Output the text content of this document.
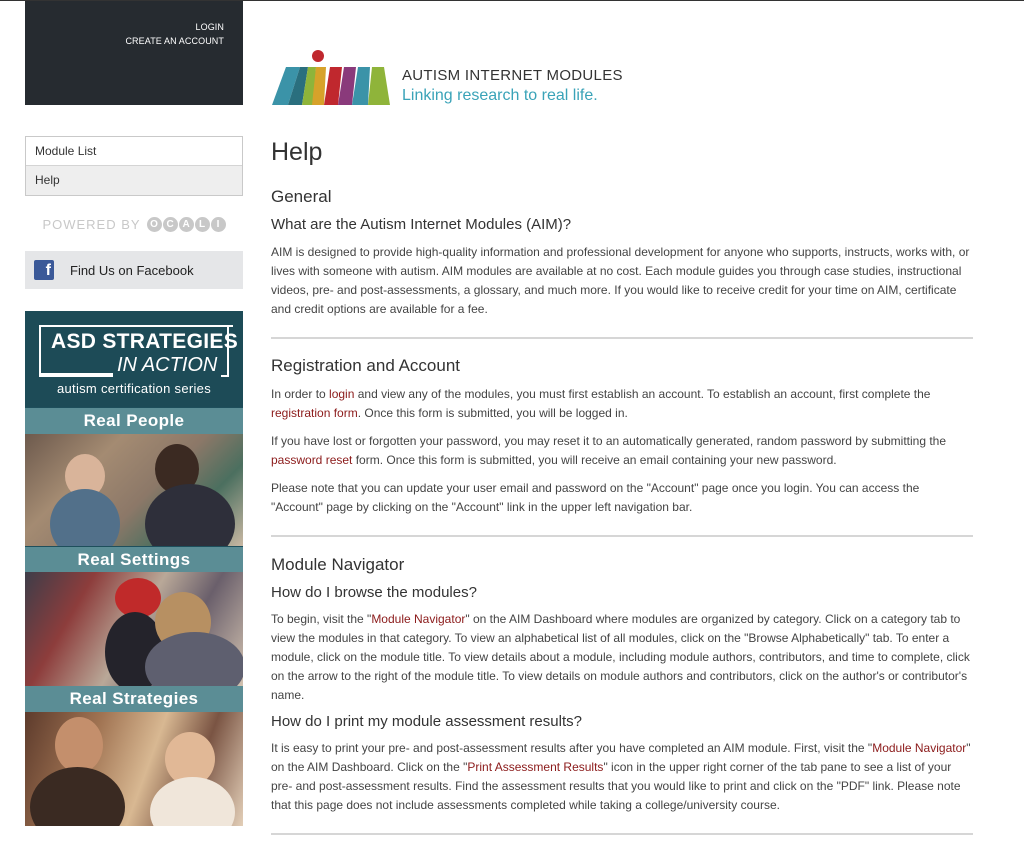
LOGIN
CREATE AN ACCOUNT
Module List
Help
POWERED BY O C A L	I
f Find Us on Facebook
ASD STRATEGIES
IN ACTION
autism certification series
Real People
Real Settings
Real Strategies
AUTISM INTERNET MODULES
Linking research to real life.
Help
General
What are the Autism Internet Modules (AIM)?

AIM is designed to provide high-quality information and professional development for anyone who supports, instructs, works with, or lives with someone with autism. AIM modules are available at no cost. Each module guides you through case studies, instructional videos, pre- and post-assessments, a glossary, and much more. If you would like to receive credit for your time on AIM, certificate and credit options are available for a fee.

Registration and Account

In order to login and view any of the modules, you must first establish an account. To establish an account, first complete the registration form. Once this form is submitted, you will be logged in.

If you have lost or forgotten your password, you may reset it to an automatically generated, random password by submitting the password reset form. Once this form is submitted, you will receive an email containing your new password.

Please note that you can update your user email and password on the "Account" page once you login. You can access the "Account" page by clicking on the "Account" link in the upper left navigation bar.

Module Navigator
How do I browse the modules?

To begin, visit the "Module Navigator" on the AIM Dashboard where modules are organized by category. Click on a category tab to view the modules in that category. To view an alphabetical list of all modules, click on the "Browse Alphabetically" tab. To enter a module, click on the module title. To view details about a module, including module authors, contributors, and time to complete, click on the arrow to the right of the module title. To view details on module authors and contributors, click on the author's or contributor's name.

How do I print my module assessment results?

It is easy to print your pre- and post-assessment results after you have completed an AIM module. First, visit the "Module Navigator" on the AIM Dashboard. Click on the "Print Assessment Results" icon in the upper right corner of the tab pane to see a list of your pre- and post-assessment results. Find the assessment results that you would like to print and click on the "PDF" link. Please note that this page does not include assessments completed while taking a college/university course.
